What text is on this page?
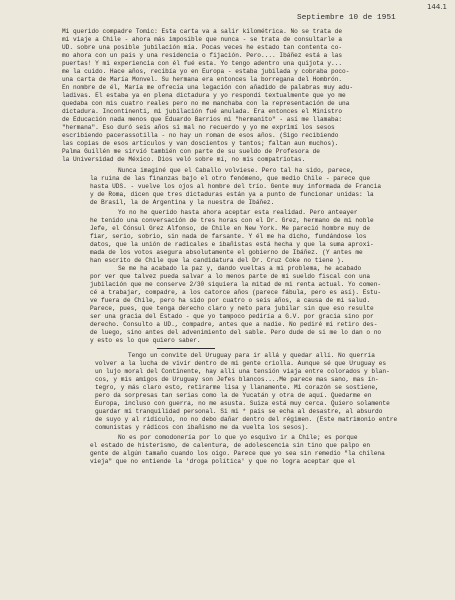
144.1
Septiembre 10 de 1951

Mi querido compadre Tomic: Esta carta va a salir kilométrica. No se trata de
mi viaje a Chile - ahora más imposible que nunca - se trata de consultarle a
UD. sobre una posible jubilación mía. Pocas veces he estado tan contenta co-
mo ahora con un país y una residencia o fijación. Pero.... Ibáñez está a las
puertas! Y mi experiencia con él fué esta. Yo tengo adentro una quijota y...
me la cuido. Hace años, recibía yo en Europa - estaba jubilada y cobraba poco-
una carta de María Monvel. Su hermana era entonces la borregana del Hombrón.
En nombre de él, María me ofrecía una legación con añadido de palabras muy adu-
ladivas. El estaba ya en plena dictadura y yo respondí textualmente que yo me
quedaba con mis cuatro reales pero no me manchaba con la representación de una
dictadura. Incontinenti, mi jubilación fué anulada. Era entonces el Ministro
de Educación nada menos que Eduardo Barrios mi "hermanito" - así me llamaba:
"hermana". Eso duró seis años si mal no recuerdo y yo me exprimí los sesos
escribiendo pacerassotilla - no hay un roman de esos años. (Sigo recibiendo
las copias de esos artículos y van doscientos y tantos; faltan aun muchos).
Palma Guillén me sirvió también con parte de su sueldo de Profesora de
la Universidad de México. Dios veló sobre mí, no mis compatriotas.

Nunca imaginé que el Caballo volviese. Pero tal ha sido, parece,
la ruina de las finanzas bajo el otro fenómeno, que medio Chile - parece que
hasta UDS. - vuelve los ojos al hombre del trío. Gente muy informada de Francia
y de Roma, dicen que tres dictaduras están ya a punto de funcionar unidas: la
de Brasil, la de Argentina y la nuestra de Ibáñez.

Yo no he querido hasta ahora aceptar esta realidad. Pero anteayer
he tenido una conversación de tres horas con el Dr. Grez, hermano de mi noble
Jefe, el Cónsul Grez Alfonso, de Chile en New York. Me pareció hombre muy de
fiar, serio, sobrio, sin nada de farsante. Y él me ha dicho, fundándose los
datos, que la unión de radicales e ibañistas está hecha y que la suma aproxi-
mada de los votos asegura absolutamente el gobierno de Ibáñez. (Y antes me
han escrito de Chile que la candidatura del Dr. Cruz Coke no tiene ).
Se me ha acabado la paz y, dando vueltas a mi problema, he acabado
por ver que talvez pueda salvar a lo menos parte de mi sueldo fiscal con una
jubilación que me conserve 2/30 siquiera la mitad de mi renta actual. Yo comen-
cé a trabajar, compadre, a los catorce años (parece fábula, pero es así). Estu-
ve fuera de Chile, pero ha sido por cuatro o seis años, a causa de mi salud.
Parece, pues, que tenga derecho claro y neto para jubilar sin que eso resulte
ser una gracia del Estado - que yo tampoco pediría a G.V. por gracia sino por
derecho. Consulto a UD., compadre, antes que a nadie. No pediré mi retiro des-
de luego, sino antes del advenimiento del sable. Pero dude de si me lo dan o no
y esto es lo que quiero saber.

Tengo un convite del Uruguay para ir allá y quedar allí. No querría
volver a la lucha de vivir dentro de mi gente criolla. Aunque sé que Uruguay es
un lujo moral del Continente, hay allí una tensión viaja entre colorados y blan-
cos, y mis amigos de Uruguay son Jefes blancos....Me parece mas sano, mas ín-
tegro, y más claro esto, retirarme lisa y llanamente. Mi corazón se sostiene,
pero da sorpresas tan serias como la de Yucatán y otra de aquí. Quedarme en
Europa, incluso con guerra, no me asusta. Suiza está muy cerca. Quiero solamente
guardar mi tranquilidad personal. Si mi * país se echa al desastre, al absurdo
de suyo y al ridículo, no no debo dañar dentro del régimen. (Este matrimonio entre
comunistas y rádicos con ibañismo me da vuelta los sesos).

No es por comodonería por lo que yo esquivo ir a Chile; es porque
el estado de histerismo, de calentura, de adolescencia sin tino que palpo en
gente de algún tamaño cuando los oigo. Parece que yo sea sin remedio "la chilena
vieja" que no entiende la 'droga política' y que no logra aceptar que el
